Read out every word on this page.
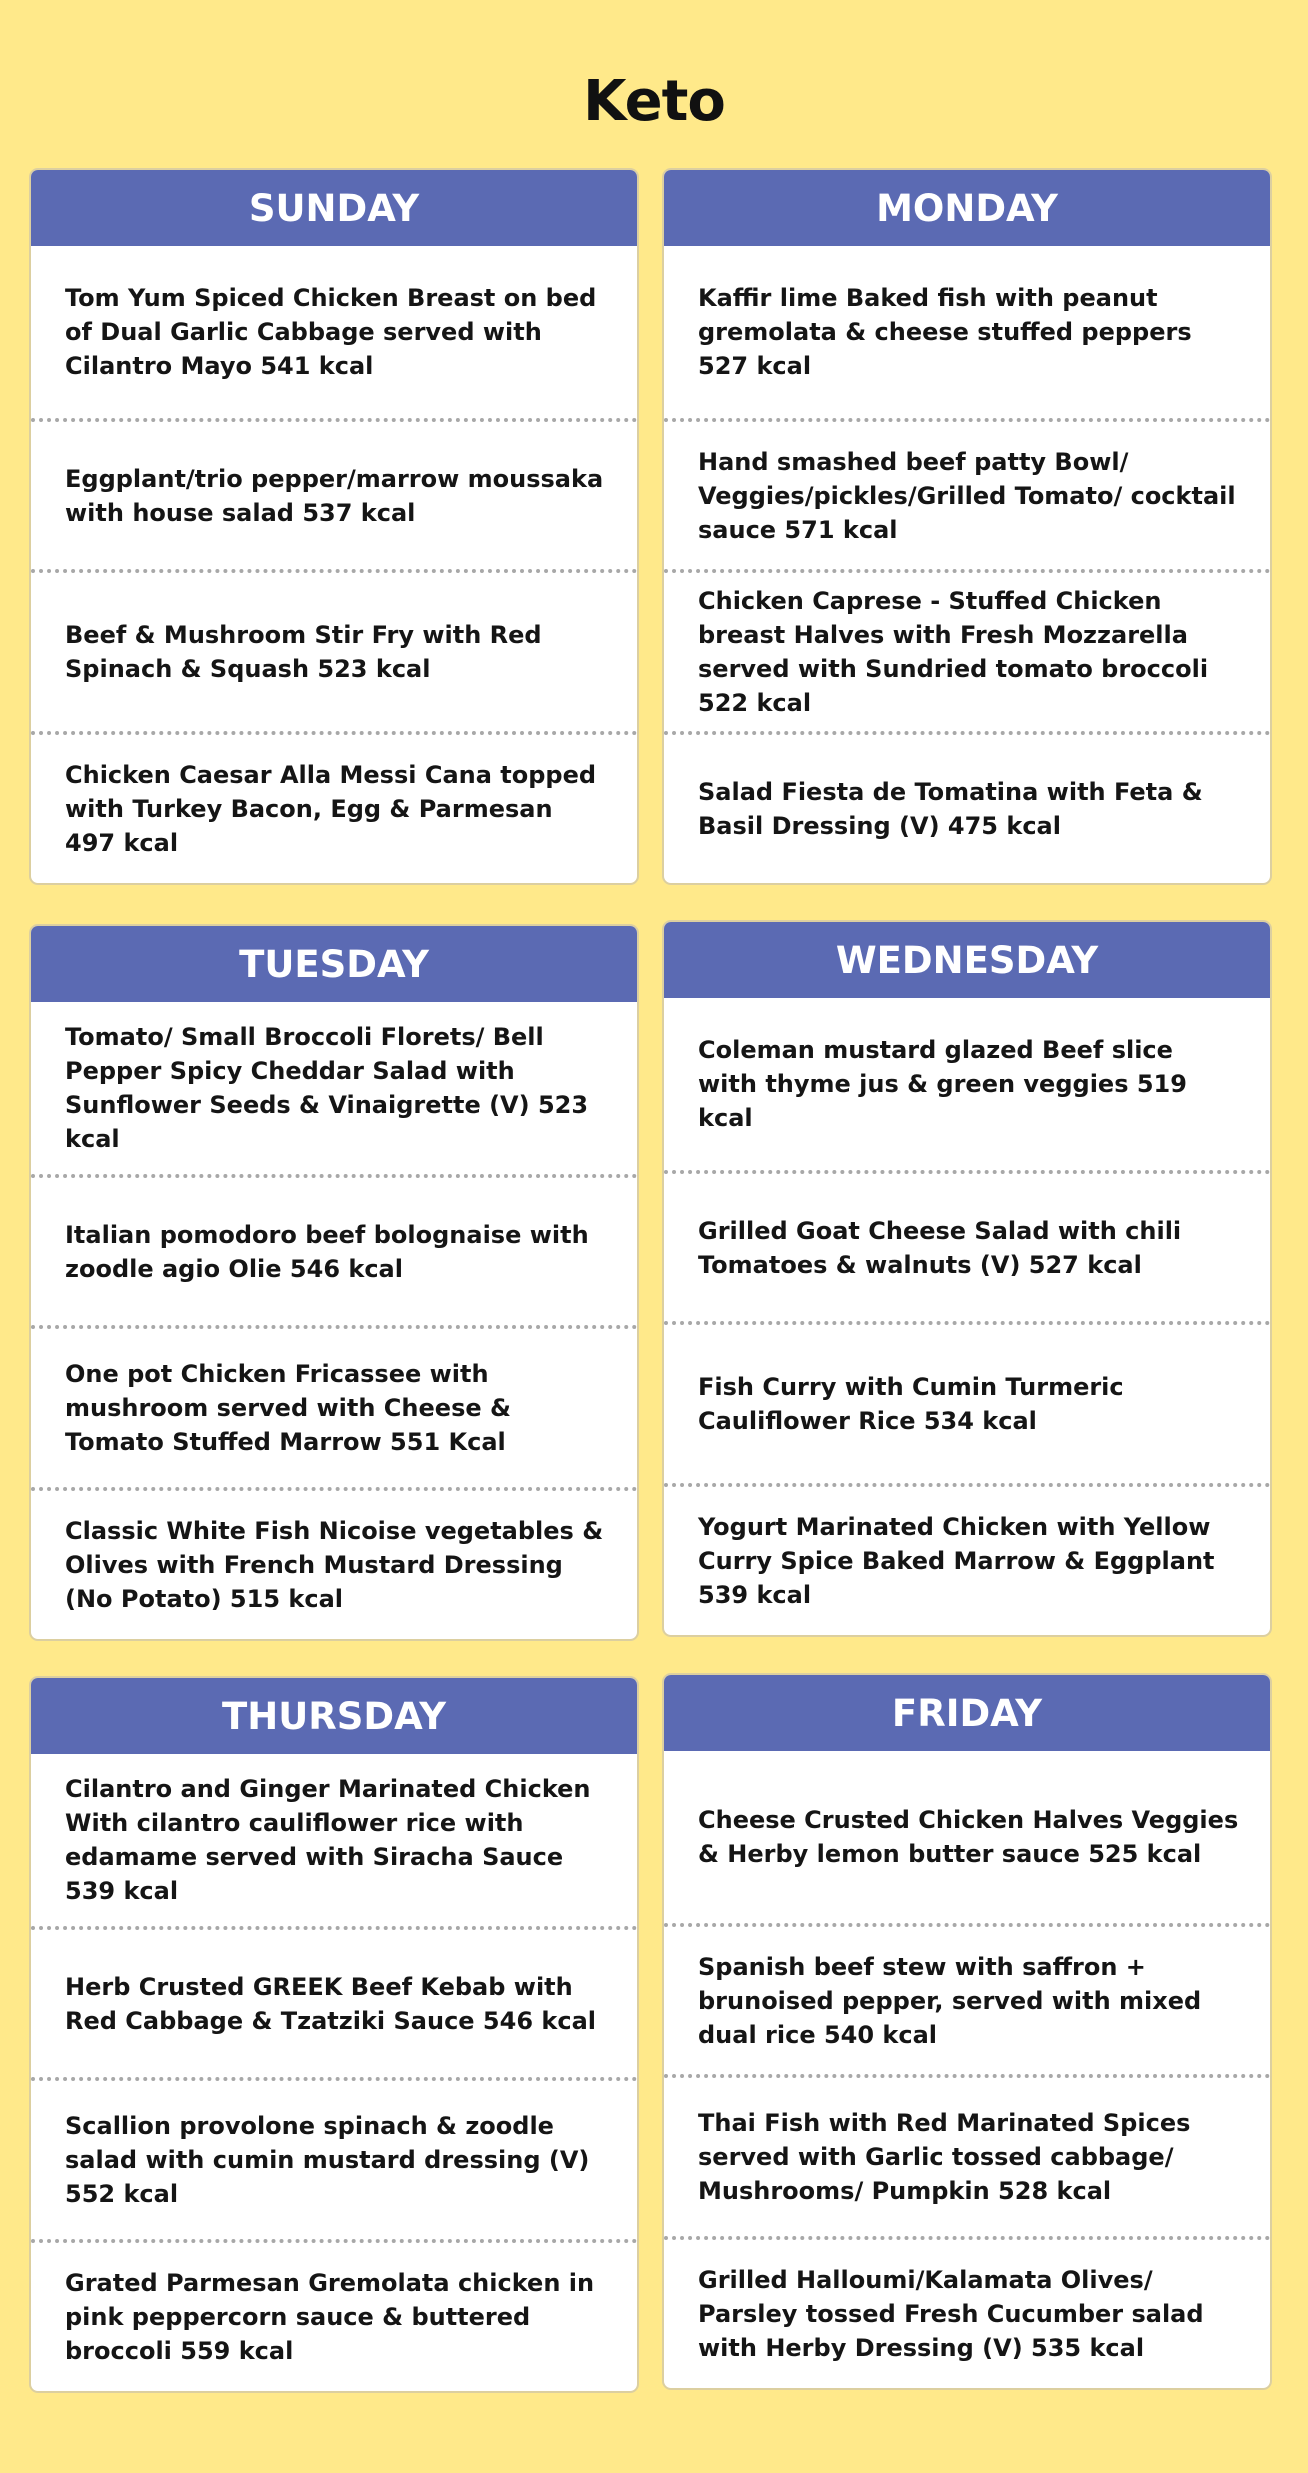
Keto
SUNDAY
Tom Yum Spiced Chicken Breast on bed of Dual Garlic Cabbage served with Cilantro Mayo 541 kcal
Eggplant/trio pepper/marrow moussaka with house salad 537 kcal
Beef & Mushroom Stir Fry with Red Spinach & Squash 523 kcal
Chicken Caesar Alla Messi Cana topped with Turkey Bacon, Egg & Parmesan 497 kcal
MONDAY
Kaffir lime Baked fish with peanut gremolata & cheese stuffed peppers 527 kcal
Hand smashed beef patty Bowl/ Veggies/pickles/Grilled Tomato/ cocktail sauce 571 kcal
Chicken Caprese - Stuffed Chicken breast Halves with Fresh Mozzarella served with Sundried tomato broccoli 522 kcal
Salad Fiesta de Tomatina with Feta & Basil Dressing (V) 475 kcal
TUESDAY
Tomato/ Small Broccoli Florets/ Bell Pepper Spicy Cheddar Salad with Sunflower Seeds & Vinaigrette (V) 523 kcal
Italian pomodoro beef bolognaise with zoodle agio Olie 546 kcal
One pot Chicken Fricassee with mushroom served with Cheese & Tomato Stuffed Marrow 551 Kcal
Classic White Fish Nicoise vegetables & Olives with French Mustard Dressing (No Potato) 515 kcal
WEDNESDAY
Coleman mustard glazed Beef slice with thyme jus & green veggies 519 kcal
Grilled Goat Cheese Salad with chili Tomatoes & walnuts (V) 527 kcal
Fish Curry with Cumin Turmeric Cauliflower Rice 534 kcal
Yogurt Marinated Chicken with Yellow Curry Spice Baked Marrow & Eggplant 539 kcal
THURSDAY
Cilantro and Ginger Marinated Chicken With cilantro cauliflower rice with edamame served with Siracha Sauce 539 kcal
Herb Crusted GREEK Beef Kebab with Red Cabbage & Tzatziki Sauce 546 kcal
Scallion provolone spinach & zoodle salad with cumin mustard dressing (V) 552 kcal
Grated Parmesan Gremolata chicken in pink peppercorn sauce & buttered broccoli 559 kcal
FRIDAY
Cheese Crusted Chicken Halves Veggies & Herby lemon butter sauce 525 kcal
Spanish beef stew with saffron + brunoised pepper, served with mixed dual rice 540 kcal
Thai Fish with Red Marinated Spices served with Garlic tossed cabbage/ Mushrooms/ Pumpkin 528 kcal
Grilled Halloumi/Kalamata Olives/ Parsley tossed Fresh Cucumber salad with Herby Dressing (V) 535 kcal
